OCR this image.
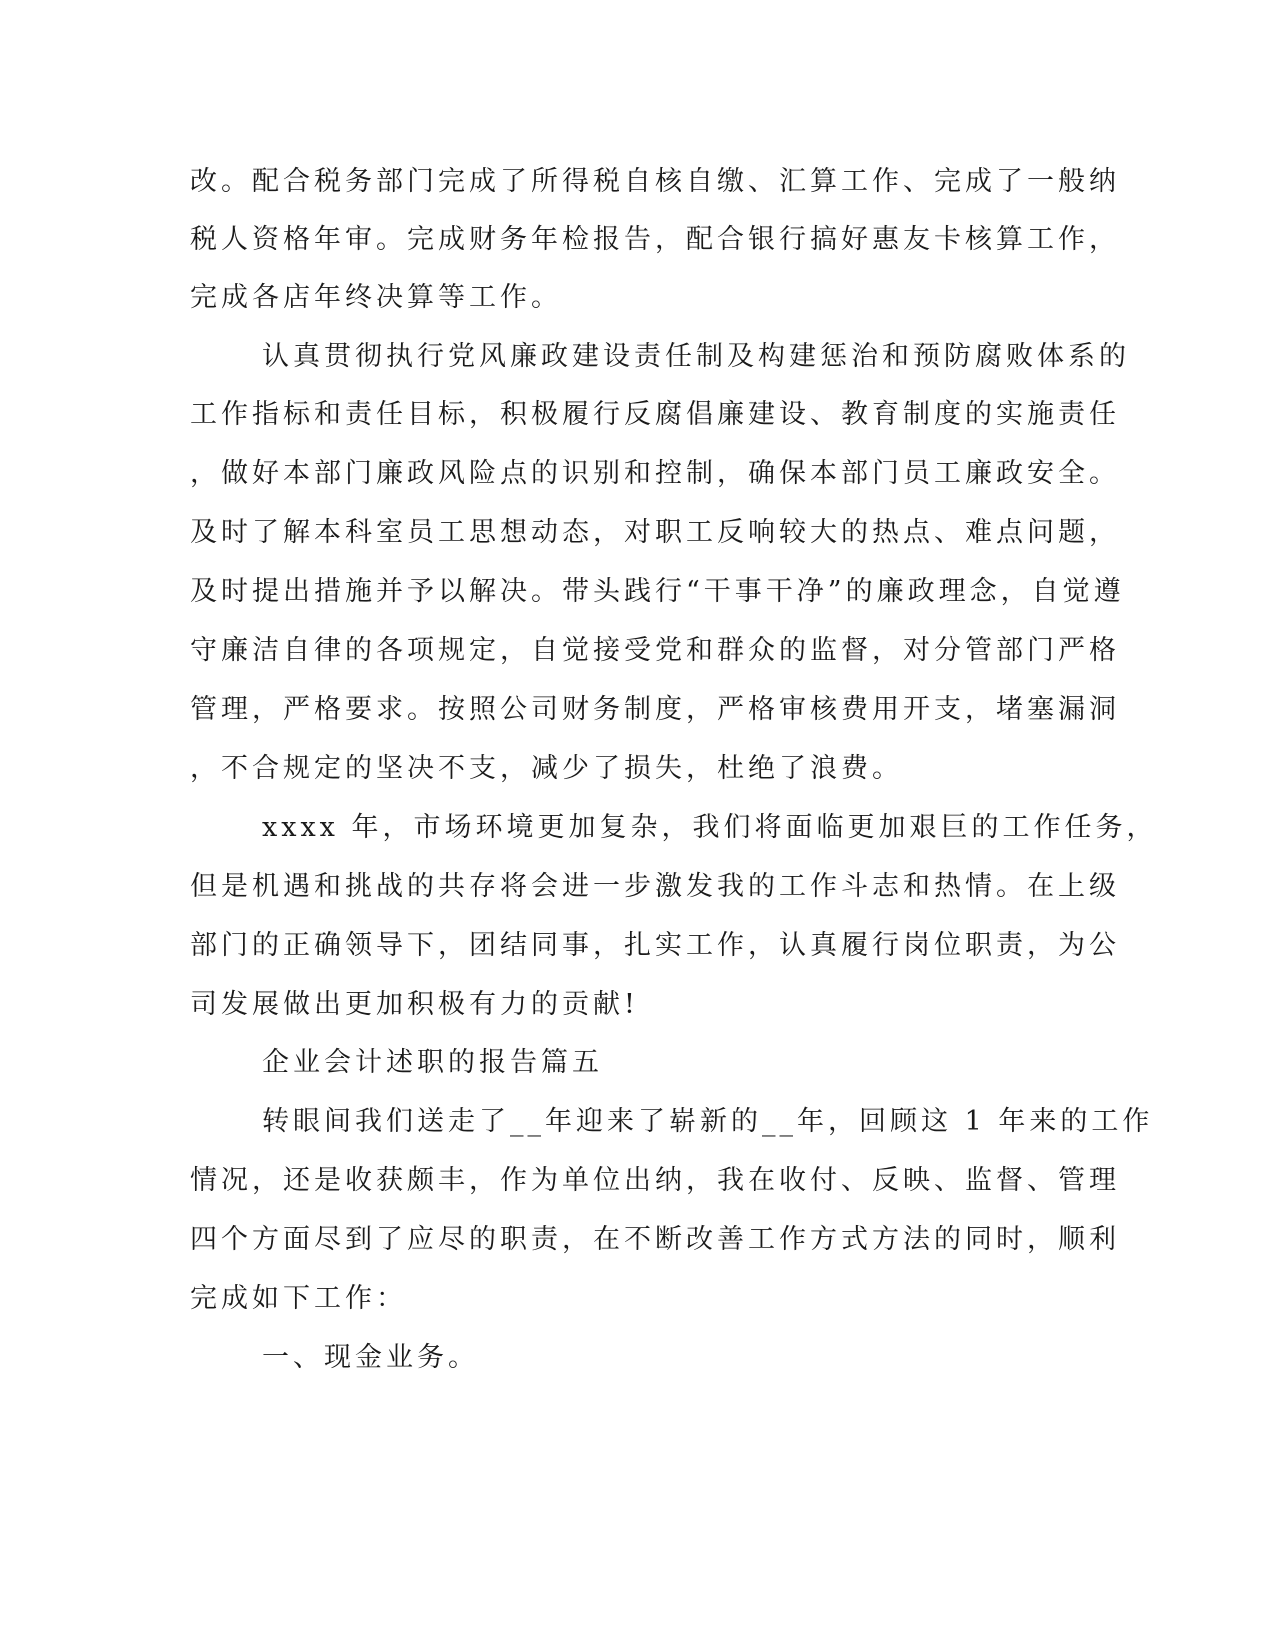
改。配合税务部门完成了所得税自核自缴、汇算工作、完成了一般纳
税人资格年审。完成财务年检报告，配合银行搞好惠友卡核算工作，
完成各店年终决算等工作。
认真贯彻执行党风廉政建设责任制及构建惩治和预防腐败体系的
工作指标和责任目标，积极履行反腐倡廉建设、教育制度的实施责任
，做好本部门廉政风险点的识别和控制，确保本部门员工廉政安全。
及时了解本科室员工思想动态，对职工反响较大的热点、难点问题，
及时提出措施并予以解决。带头践行“干事干净”的廉政理念，自觉遵
守廉洁自律的各项规定，自觉接受党和群众的监督，对分管部门严格
管理，严格要求。按照公司财务制度，严格审核费用开支，堵塞漏洞
，不合规定的坚决不支，减少了损失，杜绝了浪费。
xxxx 年，市场环境更加复杂，我们将面临更加艰巨的工作任务，
但是机遇和挑战的共存将会进一步激发我的工作斗志和热情。在上级
部门的正确领导下，团结同事，扎实工作，认真履行岗位职责，为公
司发展做出更加积极有力的贡献!
企业会计述职的报告篇五
转眼间我们送走了__年迎来了崭新的__年，回顾这 1 年来的工作
情况，还是收获颇丰，作为单位出纳，我在收付、反映、监督、管理
四个方面尽到了应尽的职责，在不断改善工作方式方法的同时，顺利
完成如下工作：
一、现金业务。
